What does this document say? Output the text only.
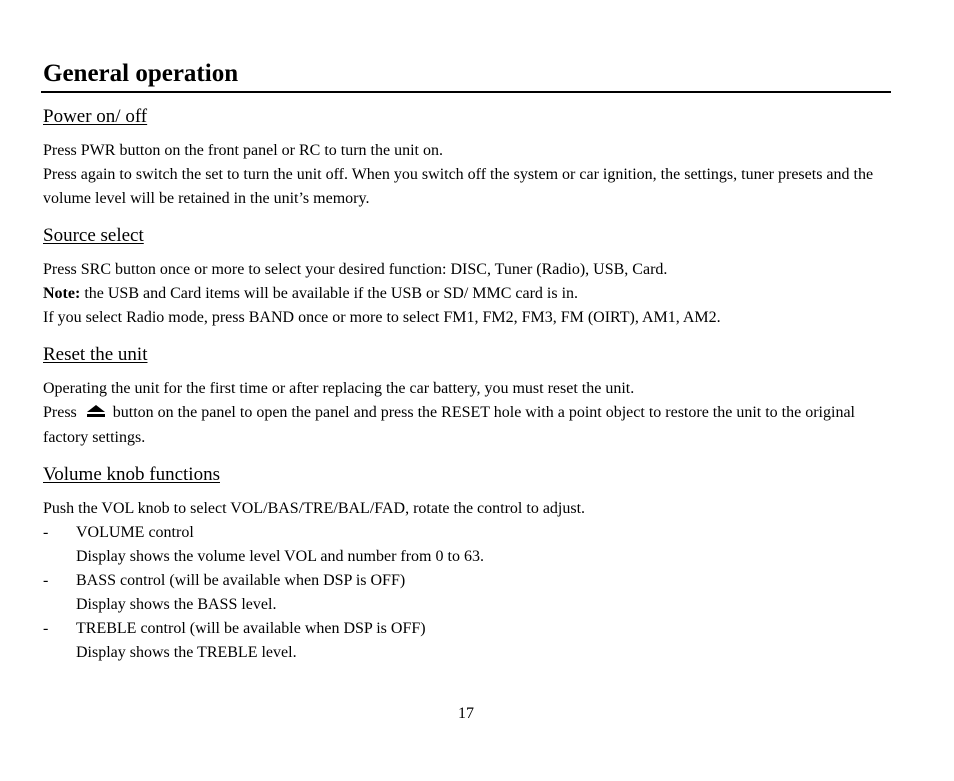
General operation

Power on/ off

Press PWR button on the front panel or RC to turn the unit on.

Press again to switch the set to turn the unit off. When you switch off the system or car ignition, the settings, tuner presets and the volume level will be retained in the unit’s memory.

Source select

Press SRC button once or more to select your desired function: DISC, Tuner (Radio), USB, Card.

Note: the USB and Card items will be available if the USB or SD/ MMC card is in.

If you select Radio mode, press BAND once or more to select FM1, FM2, FM3, FM (OIRT), AM1, AM2.

Reset the unit

Operating the unit for the first time or after replacing the car battery, you must reset the unit.

Press button on the panel to open the panel and press the RESET hole with a point object to restore the unit to the original factory settings.

Volume knob functions

Push the VOL knob to select VOL/BAS/TRE/BAL/FAD, rotate the control to adjust.

- VOLUME control
Display shows the volume level VOL and number from 0 to 63.
- BASS control (will be available when DSP is OFF)
Display shows the BASS level.
- TREBLE control (will be available when DSP is OFF)
Display shows the TREBLE level.
17
